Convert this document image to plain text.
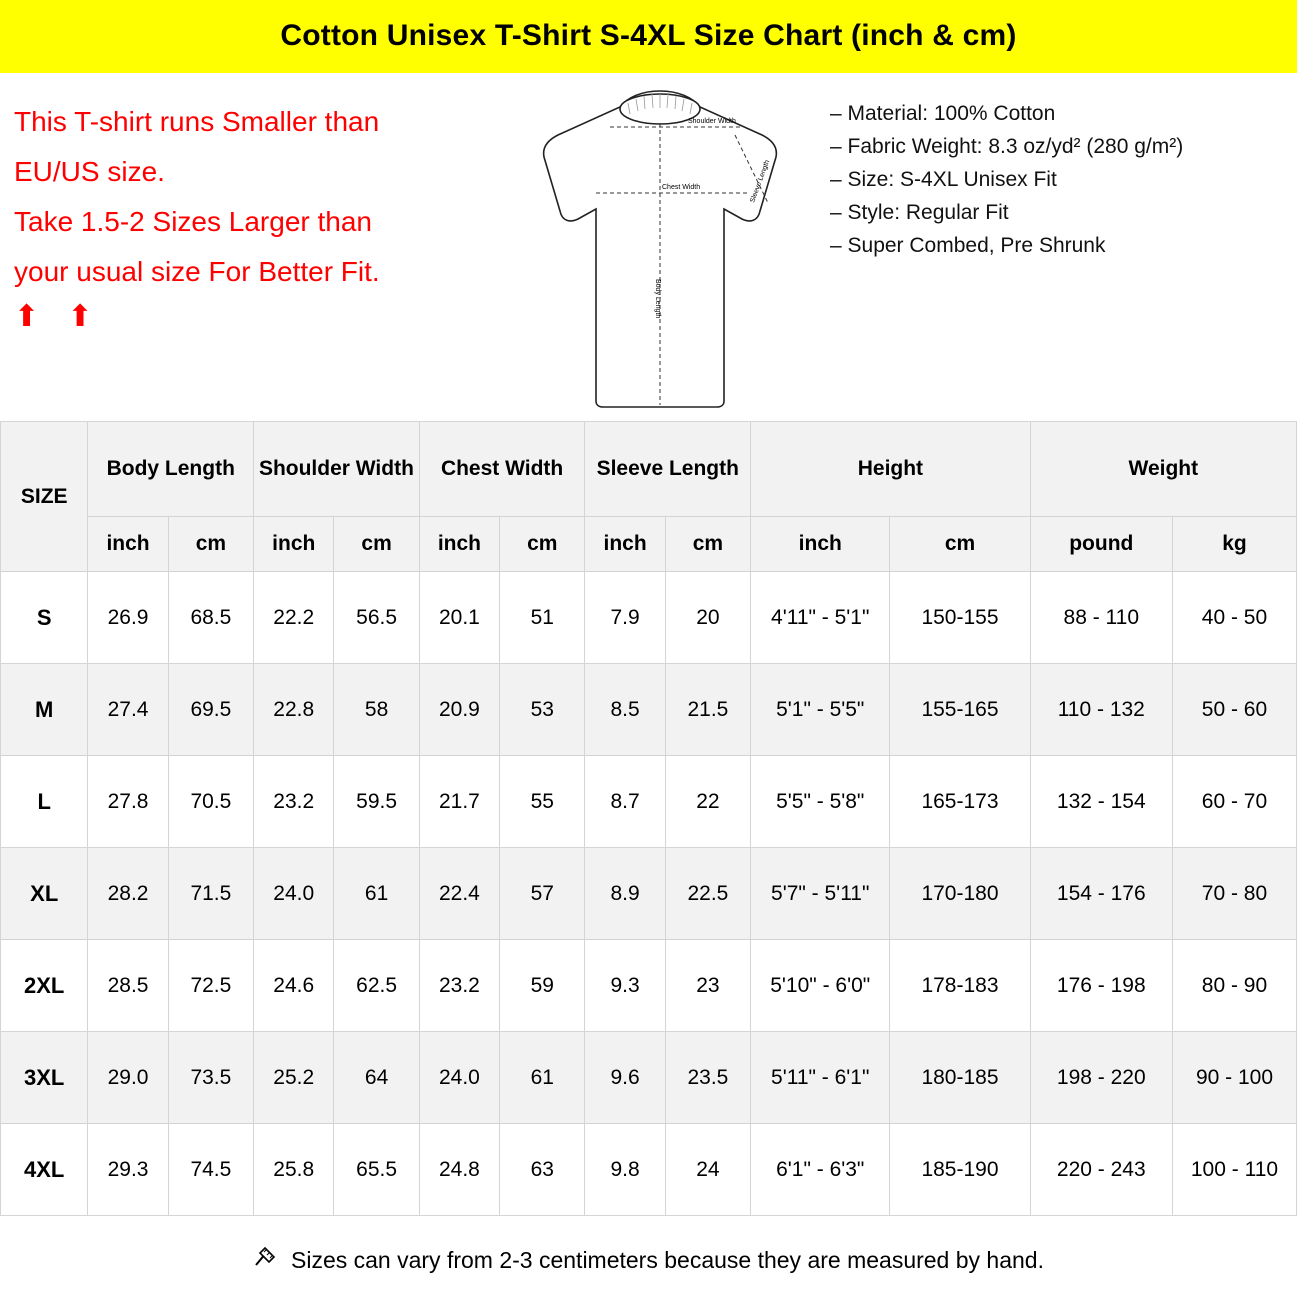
Cotton Unisex T-Shirt S-4XL Size Chart (inch & cm)
This T-shirt runs Smaller than
EU/US size.
Take 1.5-2 Sizes Larger than
your usual size For Better Fit.
⬆ ⬆
Shoulder Width
Chest Width
Body Length
Sleeve Length
– Material: 100% Cotton
– Fabric Weight: 8.3 oz/yd² (280 g/m²)
– Size: S-4XL Unisex Fit
– Style: Regular Fit
– Super Combed, Pre Shrunk
SIZE	Body Length		Shoulder Width		Chest Width		Sleeve Length		Height		Weight	
	inch	cm	inch	cm	inch	cm	inch	cm	inch	cm	pound	kg
S	26.9	68.5	22.2	56.5	20.1	51	7.9	20	4'11" - 5'1"	150-155	88 - 110	40 - 50
M	27.4	69.5	22.8	58	20.9	53	8.5	21.5	5'1" - 5'5"	155-165	110 - 132	50 - 60
L	27.8	70.5	23.2	59.5	21.7	55	8.7	22	5'5" - 5'8"	165-173	132 - 154	60 - 70
XL	28.2	71.5	24.0	61	22.4	57	8.9	22.5	5'7" - 5'11"	170-180	154 - 176	70 - 80
2XL	28.5	72.5	24.6	62.5	23.2	59	9.3	23	5'10" - 6'0"	178-183	176 - 198	80 - 90
3XL	29.0	73.5	25.2	64	24.0	61	9.6	23.5	5'11" - 6'1"	180-185	198 - 220	90 - 100
4XL	29.3	74.5	25.8	65.5	24.8	63	9.8	24	6'1" - 6'3"	185-190	220 - 243	100 - 110
Sizes can vary from 2-3 centimeters because they are measured by hand.
